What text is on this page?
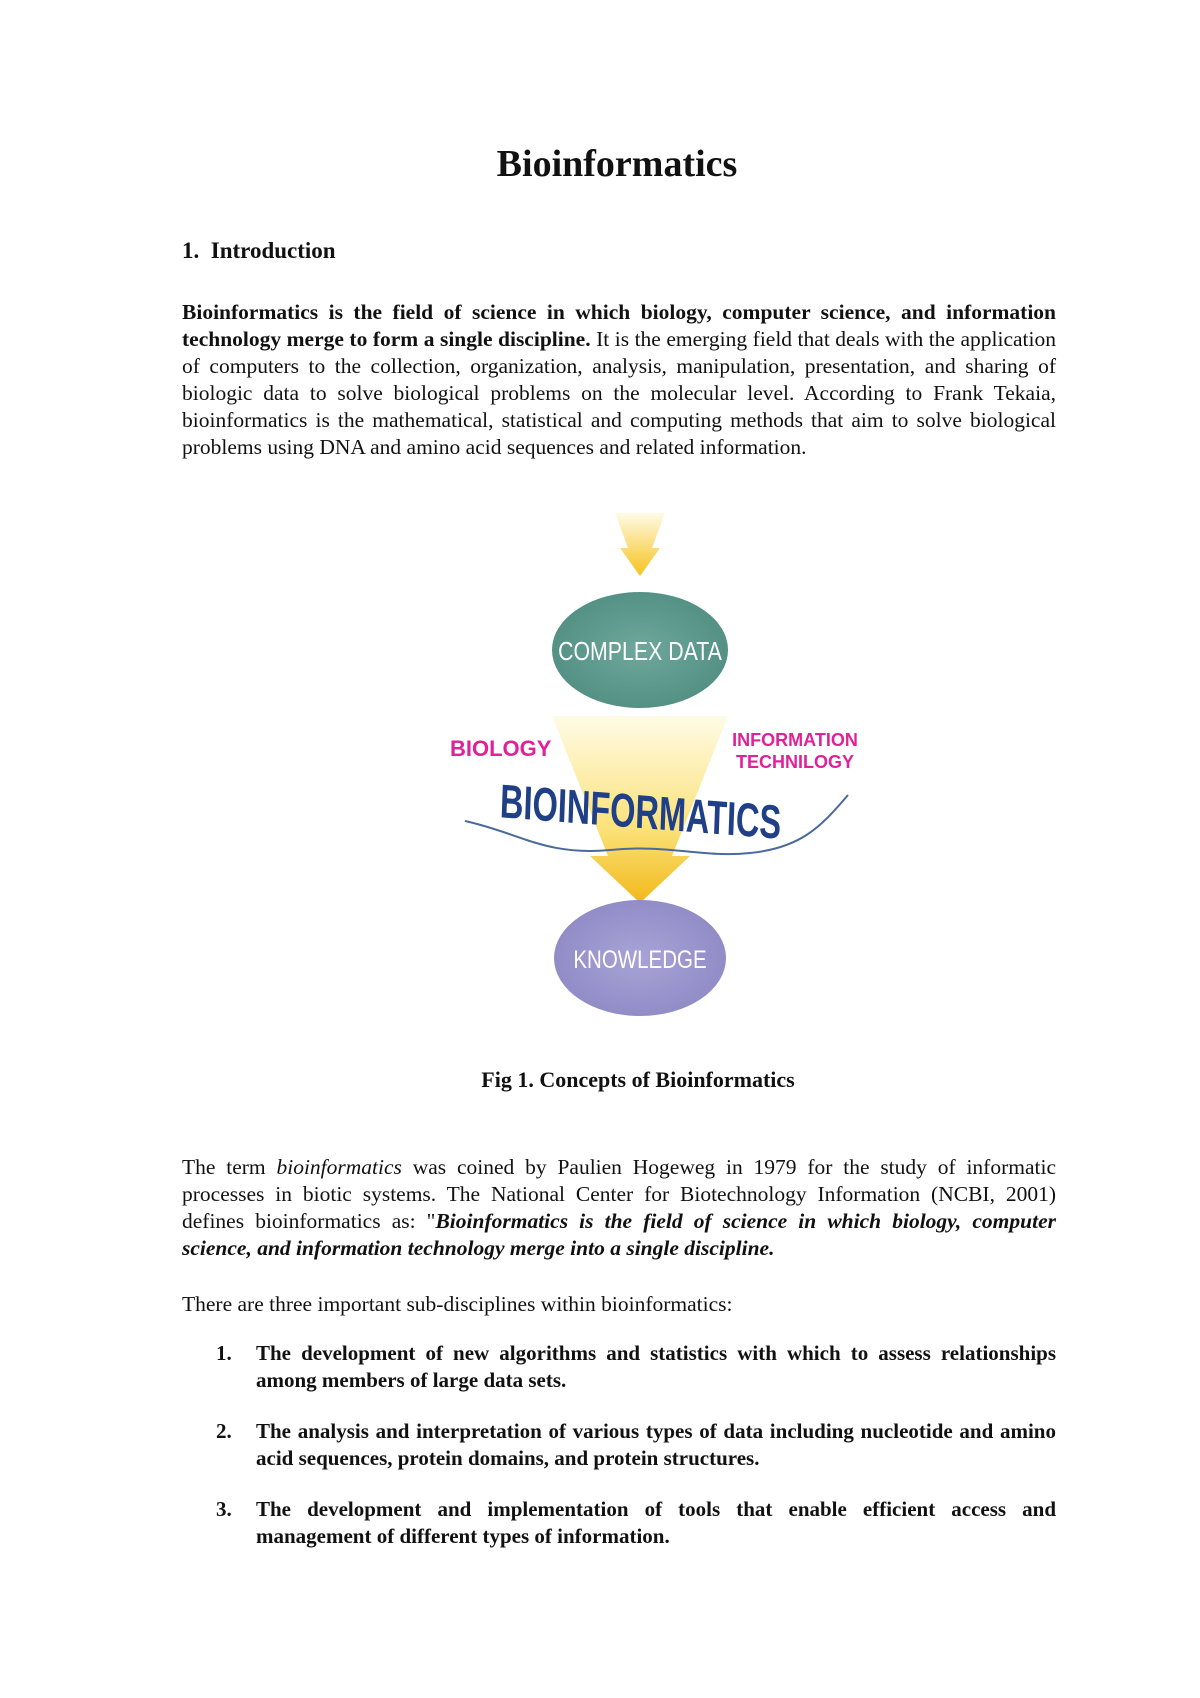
Bioinformatics
1. Introduction

Bioinformatics is the field of science in which biology, computer science, and information technology merge to form a single discipline. It is the emerging field that deals with the application of computers to the collection, organization, analysis, manipulation, presentation, and sharing of biologic data to solve biological problems on the molecular level. According to Frank Tekaia, bioinformatics is the mathematical, statistical and computing methods that aim to solve biological problems using DNA and amino acid sequences and related information.

COMPLEX DATA
BIOLOGY	INFORMATION
TECHNILOGY
BIOINFORMATICS
KNOWLEDGE
Fig 1. Concepts of Bioinformatics

The term bioinformatics was coined by Paulien Hogeweg in 1979 for the study of informatic processes in biotic systems. The National Center for Biotechnology Information (NCBI, 2001) defines bioinformatics as: "Bioinformatics is the field of science in which biology, computer science, and information technology merge into a single discipline.

There are three important sub-disciplines within bioinformatics:

1. The development of new algorithms and statistics with which to assess relationships among members of large data sets.
2. The analysis and interpretation of various types of data including nucleotide and amino acid sequences, protein domains, and protein structures.
3. The development and implementation of tools that enable efficient access and management of different types of information.
